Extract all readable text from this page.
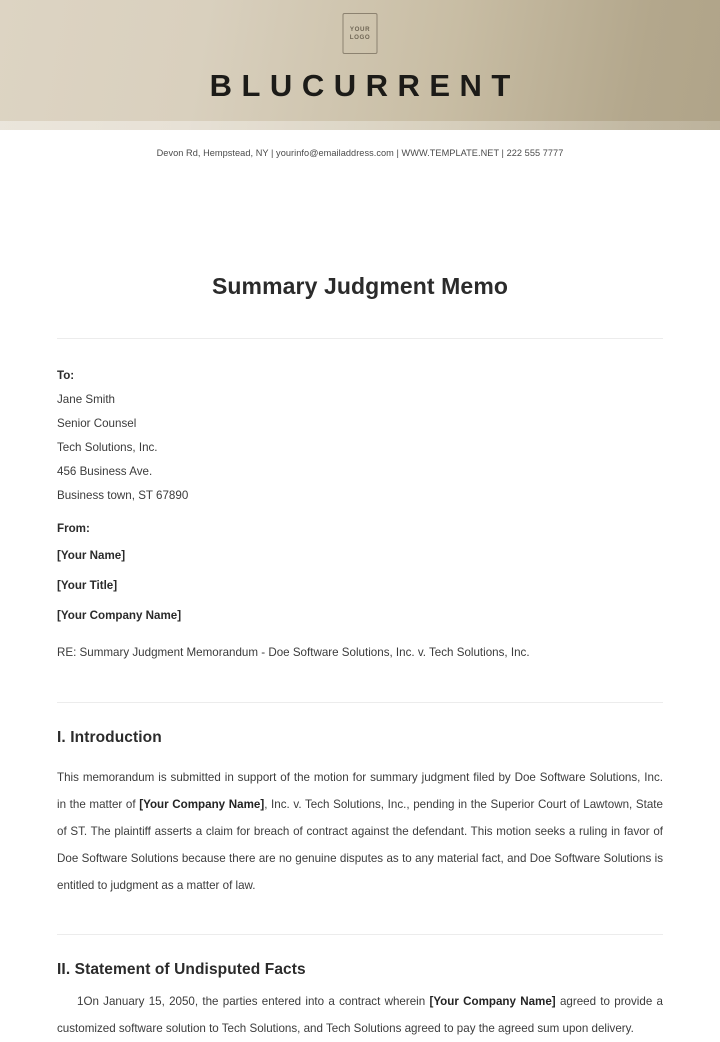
YOUR
LOGO
BLUCURRENT
Devon Rd, Hempstead, NY | yourinfo@emailaddress.com | WWW.TEMPLATE.NET | 222 555 7777
Summary Judgment Memo
To:
Jane Smith
Senior Counsel
Tech Solutions, Inc.
456 Business Ave.
Business town, ST 67890
From:
[Your Name]
[Your Title]
[Your Company Name]
RE: Summary Judgment Memorandum - Doe Software Solutions, Inc. v. Tech Solutions, Inc.
I. Introduction

This memorandum is submitted in support of the motion for summary judgment filed by Doe Software Solutions, Inc. in the matter of [Your Company Name], Inc. v. Tech Solutions, Inc., pending in the Superior Court of Lawtown, State of ST. The plaintiff asserts a claim for breach of contract against the defendant. This motion seeks a ruling in favor of Doe Software Solutions because there are no genuine disputes as to any material fact, and Doe Software Solutions is entitled to judgment as a matter of law.

II. Statement of Undisputed Facts

1On January 15, 2050, the parties entered into a contract wherein [Your Company Name] agreed to provide a customized software solution to Tech Solutions, and Tech Solutions agreed to pay the agreed sum upon delivery.
